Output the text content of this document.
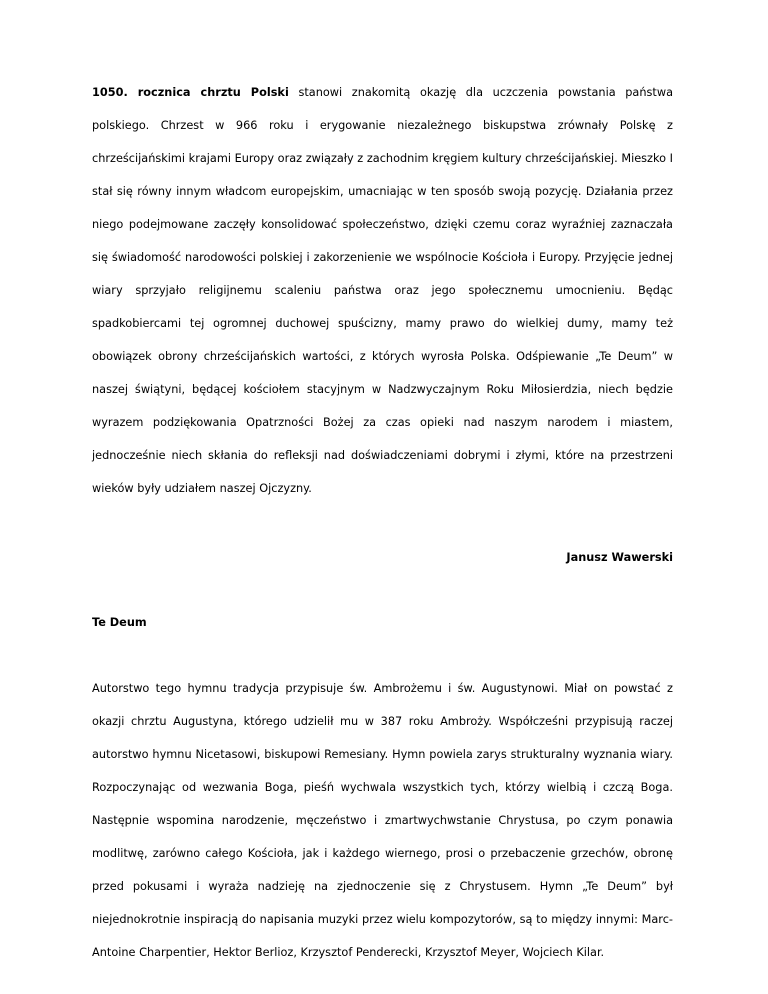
1050. rocznica chrztu Polski stanowi znakomitą okazję dla uczczenia powstania państwa polskiego. Chrzest w 966 roku i erygowanie niezależnego biskupstwa zrównały Polskę z chrześcijańskimi krajami Europy oraz związały z zachodnim kręgiem kultury chrześcijańskiej. Mieszko I stał się równy innym władcom europejskim, umacniając w ten sposób swoją pozycję. Działania przez niego podejmowane zaczęły konsolidować społeczeństwo, dzięki czemu coraz wyraźniej zaznaczała się świadomość narodowości polskiej i zakorzenienie we wspólnocie Kościoła i Europy. Przyjęcie jednej wiary sprzyjało religijnemu scaleniu państwa oraz jego społecznemu umocnieniu. Będąc spadkobiercami tej ogromnej duchowej spuścizny, mamy prawo do wielkiej dumy, mamy też obowiązek obrony chrześcijańskich wartości, z których wyrosła Polska. Odśpiewanie „Te Deum” w naszej świątyni, będącej kościołem stacyjnym w Nadzwyczajnym Roku Miłosierdzia, niech będzie wyrazem podziękowania Opatrzności Bożej za czas opieki nad naszym narodem i miastem, jednocześnie niech skłania do refleksji nad doświadczeniami dobrymi i złymi, które na przestrzeni wieków były udziałem naszej Ojczyzny.

Janusz Wawerski
Te Deum

Autorstwo tego hymnu tradycja przypisuje św. Ambrożemu i św. Augustynowi. Miał on powstać z okazji chrztu Augustyna, którego udzielił mu w 387 roku Ambroży. Współcześni przypisują raczej autorstwo hymnu Nicetasowi, biskupowi Remesiany. Hymn powiela zarys strukturalny wyznania wiary. Rozpoczynając od wezwania Boga, pieśń wychwala wszystkich tych, którzy wielbią i czczą Boga. Następnie wspomina narodzenie, męczeństwo i zmartwychwstanie Chrystusa, po czym ponawia modlitwę, zarówno całego Kościoła, jak i każdego wiernego, prosi o przebaczenie grzechów, obronę przed pokusami i wyraża nadzieję na zjednoczenie się z Chrystusem. Hymn „Te Deum” był niejednokrotnie inspiracją do napisania muzyki przez wielu kompozytorów, są to między innymi: Marc-Antoine Charpentier, Hektor Berlioz, Krzysztof Penderecki, Krzysztof Meyer, Wojciech Kilar.
